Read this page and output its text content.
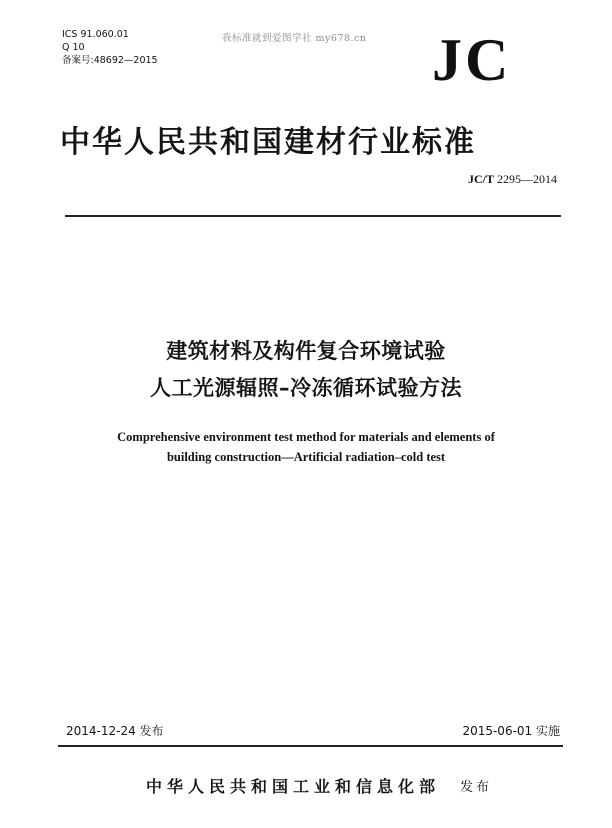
ICS 91.060.01
Q 10
备案号:48692—2015
我标准就到爱图学社 my678.cn JC
中华人民共和国建材行业标准
JC/T 2295—2014
建筑材料及构件复合环境试验
人工光源辐照–冷冻循环试验方法
Comprehensive environment test method for materials and elements of
building construction—Artificial radiation–cold test
2014-12-24 发布	2015-06-01 实施
中华人民共和国工业和信息化部 发布
